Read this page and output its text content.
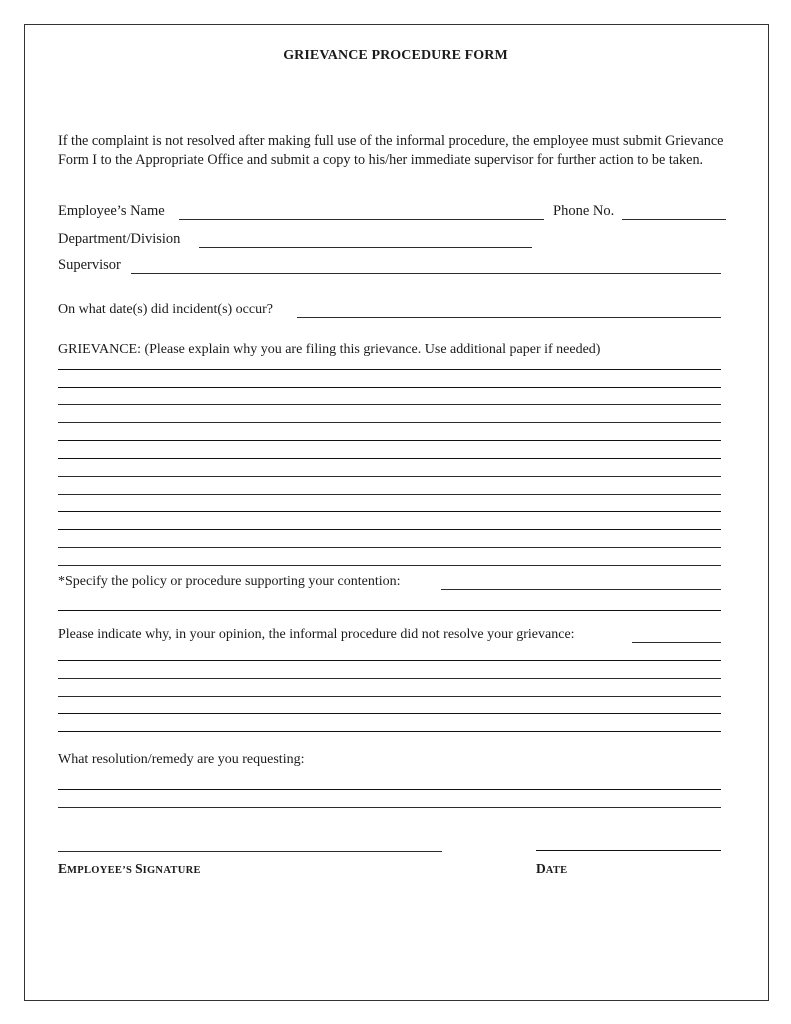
GRIEVANCE PROCEDURE FORM
If the complaint is not resolved after making full use of the informal procedure, the employee must submit Grievance Form I to the Appropriate Office and submit a copy to his/her immediate supervisor for further action to be taken.
Employee’s Name	Phone No.
Department/Division
Supervisor
On what date(s) did incident(s) occur?
GRIEVANCE: (Please explain why you are filing this grievance. Use additional paper if needed)
*Specify the policy or procedure supporting your contention:
Please indicate why, in your opinion, the informal procedure did not resolve your grievance:
What resolution/remedy are you requesting:
EMPLOYEE’S SIGNATURE	DATE
